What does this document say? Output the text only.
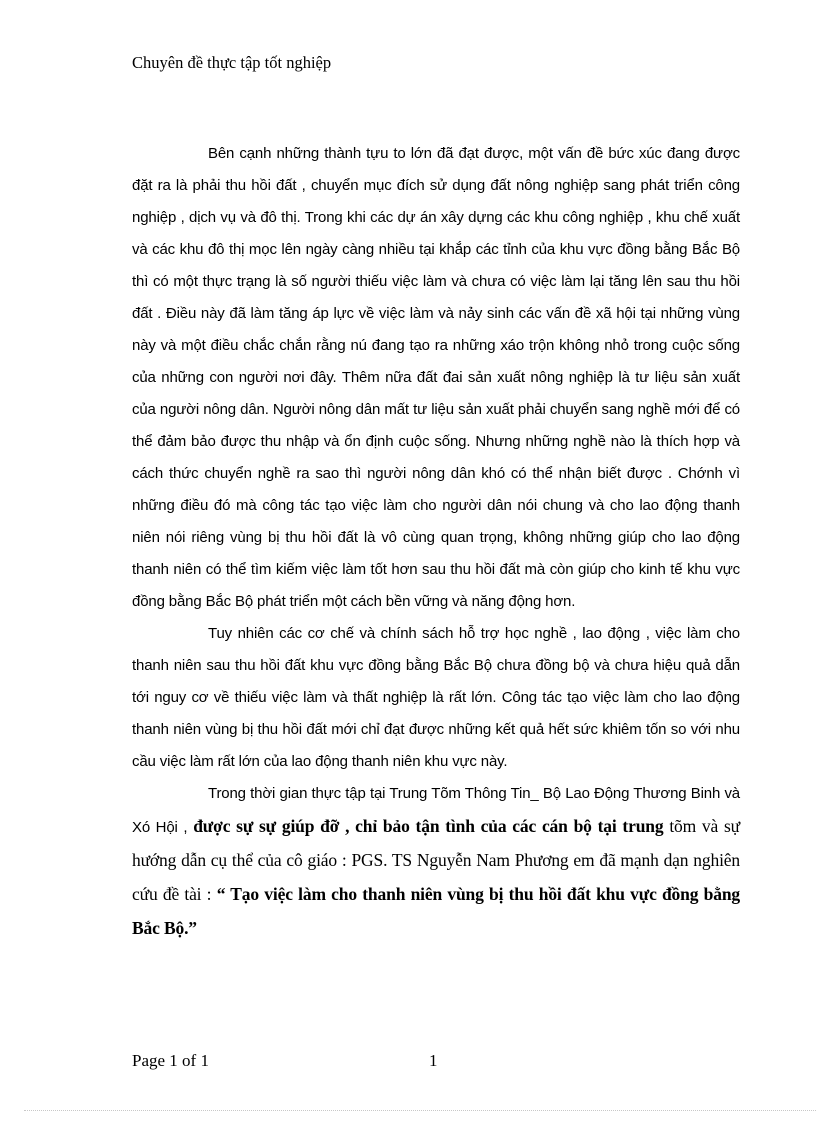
Chuyên đề thực tập tốt nghiệp

Bên cạnh những thành tựu to lớn đã đạt được, một vấn đề bức xúc đang được đặt ra là phải thu hồi đất , chuyển mục đích sử dụng đất nông nghiệp sang phát triển công nghiệp , dịch vụ và đô thị. Trong khi các dự án xây dựng các khu công nghiệp , khu chế xuất và các khu đô thị mọc lên ngày càng nhiều tại khắp các tỉnh của khu vực đồng bằng Bắc Bộ thì có một thực trạng là số người thiếu việc làm và chưa có việc làm lại tăng lên sau thu hồi đất . Điều này đã làm tăng áp lực về việc làm và nảy sinh các vấn đề xã hội tại những vùng này và một điều chắc chắn rằng nú đang tạo ra những xáo trộn không nhỏ trong cuộc sống của những con người nơi đây. Thêm nữa đất đai sản xuất nông nghiệp là tư liệu sản xuất của người nông dân. Người nông dân mất tư liệu sản xuất phải chuyển sang nghề mới để có thể đảm bảo được thu nhập và ổn định cuộc sống. Nhưng những nghề nào là thích hợp và cách thức chuyển nghề ra sao thì người nông dân khó có thể nhận biết được . Chớnh vì những điều đó mà công tác tạo việc làm cho người dân nói chung và cho lao động thanh niên nói riêng vùng bị thu hồi đất là vô cùng quan trọng, không những giúp cho lao động thanh niên có thể tìm kiếm việc làm tốt hơn sau thu hồi đất mà còn giúp cho kinh tế khu vực đồng bằng Bắc Bộ phát triển một cách bền vững và năng động hơn.

Tuy nhiên các cơ chế và chính sách hỗ trợ học nghề , lao động , việc làm cho thanh niên sau thu hồi đất khu vực đồng bằng Bắc Bộ chưa đồng bộ và chưa hiệu quả dẫn tới nguy cơ về thiếu việc làm và thất nghiệp là rất lớn. Công tác tạo việc làm cho lao động thanh niên vùng bị thu hồi đất mới chỉ đạt được những kết quả hết sức khiêm tốn so với nhu cầu việc làm rất lớn của lao động thanh niên khu vực này.

Trong thời gian thực tập tại Trung Tõm Thông Tin_ Bộ Lao Động Thương Binh và Xó Hội , được sự sự giúp đỡ , chỉ bảo tận tình của các cán bộ tại trung tõm và sự hướng dẫn cụ thể của cô giáo : PGS. TS Nguyễn Nam Phương em đã mạnh dạn nghiên cứu đề tài : “ Tạo việc làm cho thanh niên vùng bị thu hồi đất khu vực đồng bằng Bắc Bộ.”

Page 1 of 1	1
